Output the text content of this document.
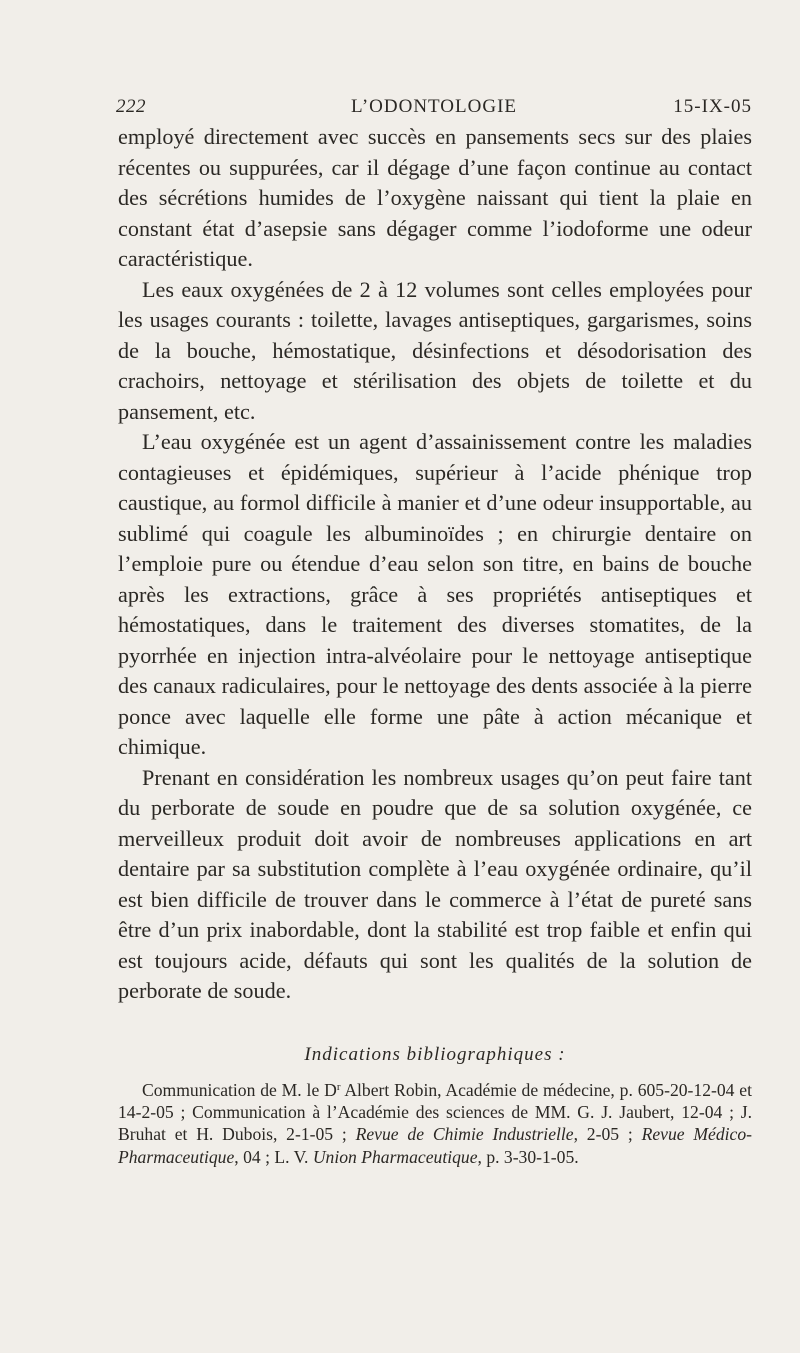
222	L’ODONTOLOGIE	15-IX-05

employé directement avec succès en pansements secs sur des plaies récentes ou suppurées, car il dégage d’une façon continue au contact des sécrétions humides de l’oxygène naissant qui tient la plaie en constant état d’asepsie sans dégager comme l’iodoforme une odeur caractéristique.

Les eaux oxygénées de 2 à 12 volumes sont celles employées pour les usages courants : toilette, lavages antiseptiques, gargarismes, soins de la bouche, hémostatique, désinfections et désodorisation des crachoirs, nettoyage et stérilisation des objets de toilette et du pansement, etc.

L’eau oxygénée est un agent d’assainissement contre les maladies contagieuses et épidémiques, supérieur à l’acide phénique trop caustique, au formol difficile à manier et d’une odeur insupportable, au sublimé qui coagule les albuminoïdes ; en chirurgie dentaire on l’emploie pure ou étendue d’eau selon son titre, en bains de bouche après les extractions, grâce à ses propriétés antiseptiques et hémostatiques, dans le traitement des diverses stomatites, de la pyorrhée en injection intra-alvéolaire pour le nettoyage antiseptique des canaux radiculaires, pour le nettoyage des dents associée à la pierre ponce avec laquelle elle forme une pâte à action mécanique et chimique.

Prenant en considération les nombreux usages qu’on peut faire tant du perborate de soude en poudre que de sa solution oxygénée, ce merveilleux produit doit avoir de nombreuses applications en art dentaire par sa substitution complète à l’eau oxygénée ordinaire, qu’il est bien difficile de trouver dans le commerce à l’état de pureté sans être d’un prix inabordable, dont la stabilité est trop faible et enfin qui est toujours acide, défauts qui sont les qualités de la solution de perborate de soude.

Indications bibliographiques :

Communication de M. le $D^r$ Albert Robin, Académie de médecine, p. 605-20-12-04 et 14-2-05 ; Communication à l’Académie des sciences de MM. G. J. Jaubert, 12-04 ; J. Bruhat et H. Dubois, 2-1-05 ; Revue de Chimie Industrielle, 2-05 ; Revue Médico-Pharmaceutique, 04 ; L. V. Union Pharmaceutique, p. 3-30-1-05.
